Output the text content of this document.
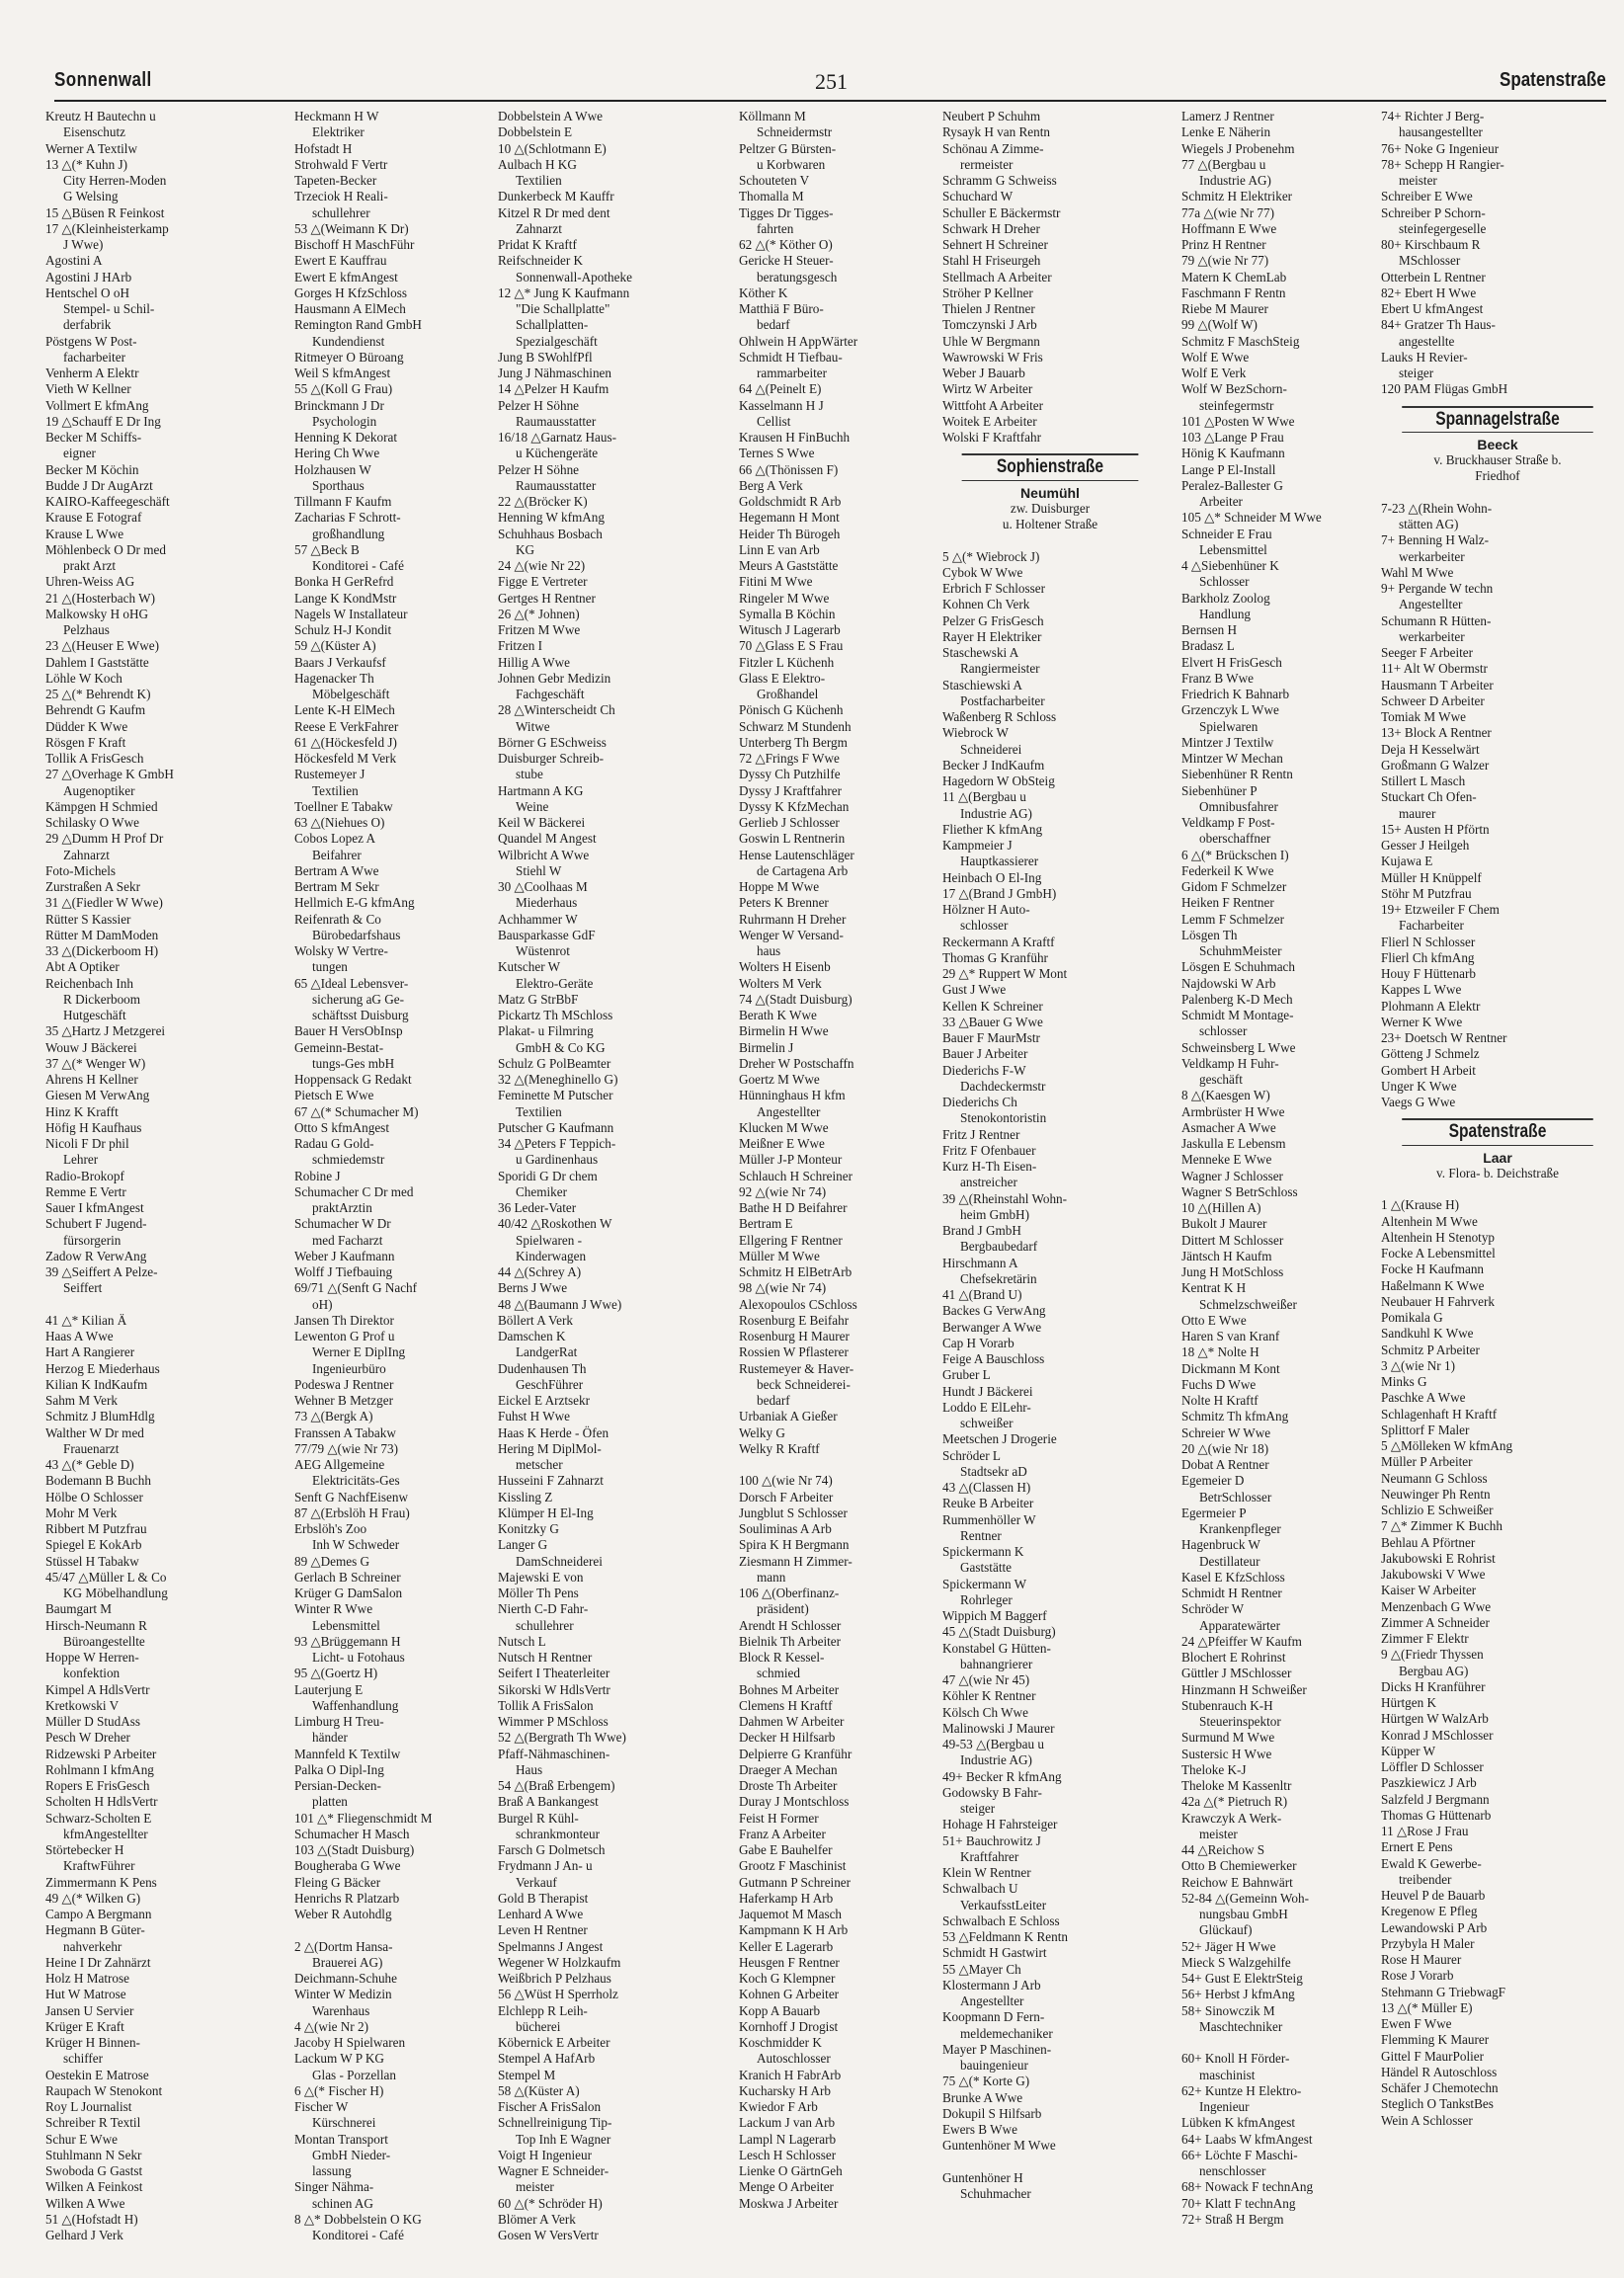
Sonnenwall	251	Spatenstraße
Kreutz H Bautechn u
Eisenschutz
Werner A Textilw
13 △(* Kuhn J)
City Herren-Moden
G Welsing
15 △Büsen R Feinkost
17 △(Kleinheisterkamp
J Wwe)
Agostini A
Agostini J HArb
Hentschel O oH
Stempel- u Schil-
derfabrik
Pöstgens W Post-
facharbeiter
Venherm A Elektr
Vieth W Kellner
Vollmert E kfmAng
19 △Schauff E Dr Ing
Becker M Schiffs-
eigner
Becker M Köchin
Budde J Dr AugArzt
KAIRO-Kaffeegeschäft
Krause E Fotograf
Krause L Wwe
Möhlenbeck O Dr med
prakt Arzt
Uhren-Weiss AG
21 △(Hosterbach W)
Malkowsky H oHG
Pelzhaus
23 △(Heuser E Wwe)
Dahlem I Gaststätte
Löhle W Koch
25 △(* Behrendt K)
Behrendt G Kaufm
Düdder K Wwe
Rösgen F Kraft
Tollik A FrisGesch
27 △Overhage K GmbH
Augenoptiker
Kämpgen H Schmied
Schilasky O Wwe
29 △Dumm H Prof Dr
Zahnarzt
Foto-Michels
Zurstraßen A Sekr
31 △(Fiedler W Wwe)
Rütter S Kassier
Rütter M DamModen
33 △(Dickerboom H)
Abt A Optiker
Reichenbach Inh
R Dickerboom
Hutgeschäft
35 △Hartz J Metzgerei
Wouw J Bäckerei
37 △(* Wenger W)
Ahrens H Kellner
Giesen M VerwAng
Hinz K Krafft
Höfig H Kaufhaus
Nicoli F Dr phil
Lehrer
Radio-Brokopf
Remme E Vertr
Sauer I kfmAngest
Schubert F Jugend-
fürsorgerin
Zadow R VerwAng
39 △Seiffert A Pelze-
Seiffert

41 △* Kilian Ä
Haas A Wwe
Hart A Rangierer
Herzog E Miederhaus
Kilian K IndKaufm
Sahm M Verk
Schmitz J BlumHdlg
Walther W Dr med
Frauenarzt
43 △(* Geble D)
Bodemann B Buchh
Hölbe O Schlosser
Mohr M Verk
Ribbert M Putzfrau
Spiegel E KokArb
Stüssel H Tabakw
45/47 △Müller L & Co
KG Möbelhandlung
Baumgart M
Hirsch-Neumann R
Büroangestellte
Hoppe W Herren-
konfektion
Kimpel A HdlsVertr
Kretkowski V
Müller D StudAss
Pesch W Dreher
Ridzewski P Arbeiter
Rohlmann I kfmAng
Ropers E FrisGesch
Scholten H HdlsVertr
Schwarz-Scholten E
kfmAngestellter
Störtebecker H
KraftwFührer
Zimmermann K Pens
49 △(* Wilken G)
Campo A Bergmann
Hegmann B Güter-
nahverkehr
Heine I Dr Zahnärzt
Holz H Matrose
Hut W Matrose
Jansen U Servier
Krüger E Kraft
Krüger H Binnen-
schiffer
Oestekin E Matrose
Raupach W Stenokont
Roy L Journalist
Schreiber R Textil
Schur E Wwe
Stuhlmann N Sekr
Swoboda G Gastst
Wilken A Feinkost
Wilken A Wwe
51 △(Hofstadt H)
Gelhard J Verk
Heckmann H W
Elektriker
Hofstadt H
Strohwald F Vertr
Tapeten-Becker
Trzeciok H Reali-
schullehrer
53 △(Weimann K Dr)
Bischoff H MaschFühr
Ewert E Kauffrau
Ewert E kfmAngest
Gorges H KfzSchloss
Hausmann A ElMech
Remington Rand GmbH
Kundendienst
Ritmeyer O Büroang
Weil S kfmAngest
55 △(Koll G Frau)
Brinckmann J Dr
Psychologin
Henning K Dekorat
Hering Ch Wwe
Holzhausen W
Sporthaus
Tillmann F Kaufm
Zacharias F Schrott-
großhandlung
57 △Beck B
Konditorei - Café
Bonka H GerRefrd
Lange K KondMstr
Nagels W Installateur
Schulz H-J Kondit
59 △(Küster A)
Baars J Verkaufsf
Hagenacker Th
Möbelgeschäft
Lente K-H ElMech
Reese E VerkFahrer
61 △(Höckesfeld J)
Höckesfeld M Verk
Rustemeyer J
Textilien
Toellner E Tabakw
63 △(Niehues O)
Cobos Lopez A
Beifahrer
Bertram A Wwe
Bertram M Sekr
Hellmich E-G kfmAng
Reifenrath & Co
Bürobedarfshaus
Wolsky W Vertre-
tungen
65 △Ideal Lebensver-
sicherung aG Ge-
schäftsst Duisburg
Bauer H VersObInsp
Gemeinn-Bestat-
tungs-Ges mbH
Hoppensack G Redakt
Pietsch E Wwe
67 △(* Schumacher M)
Otto S kfmAngest
Radau G Gold-
schmiedemstr
Robine J
Schumacher C Dr med
praktArztin
Schumacher W Dr
med Facharzt
Weber J Kaufmann
Wolff J Tiefbauing
69/71 △(Senft G Nachf
oH)
Jansen Th Direktor
Lewenton G Prof u
Werner E DiplIng
Ingenieurbüro
Podeswa J Rentner
Wehner B Metzger
73 △(Bergk A)
Franssen A Tabakw
77/79 △(wie Nr 73)
AEG Allgemeine
Elektricitäts-Ges
Senft G NachfEisenw
87 △(Erbslöh H Frau)
Erbslöh's Zoo
Inh W Schweder
89 △Demes G
Gerlach B Schreiner
Krüger G DamSalon
Winter R Wwe
Lebensmittel
93 △Brüggemann H
Licht- u Fotohaus
95 △(Goertz H)
Lauterjung E
Waffenhandlung
Limburg H Treu-
händer
Mannfeld K Textilw
Palka O Dipl-Ing
Persian-Decken-
platten
101 △* Fliegenschmidt M
Schumacher H Masch
103 △(Stadt Duisburg)
Bougheraba G Wwe
Fleing G Bäcker
Henrichs R Platzarb
Weber R Autohdlg

2 △(Dortm Hansa-
Brauerei AG)
Deichmann-Schuhe
Winter W Medizin
Warenhaus
4 △(wie Nr 2)
Jacoby H Spielwaren
Lackum W P KG
Glas - Porzellan
6 △(* Fischer H)
Fischer W
Kürschnerei
Montan Transport
GmbH Nieder-
lassung
Singer Nähma-
schinen AG
8 △* Dobbelstein O KG
Konditorei - Café
Dobbelstein A Wwe
Dobbelstein E
10 △(Schlotmann E)
Aulbach H KG
Textilien
Dunkerbeck M Kauffr
Kitzel R Dr med dent
Zahnarzt
Pridat K Kraftf
Reifschneider K
Sonnenwall-Apotheke
12 △* Jung K Kaufmann
"Die Schallplatte"
Schallplatten-
Spezialgeschäft
Jung B SWohlfPfl
Jung J Nähmaschinen
14 △Pelzer H Kaufm
Pelzer H Söhne
Raumausstatter
16/18 △Garnatz Haus-
u Küchengeräte
Pelzer H Söhne
Raumausstatter
22 △(Bröcker K)
Henning W kfmAng
Schuhhaus Bosbach
KG
24 △(wie Nr 22)
Figge E Vertreter
Gertges H Rentner
26 △(* Johnen)
Fritzen M Wwe
Fritzen I
Hillig A Wwe
Johnen Gebr Medizin
Fachgeschäft
28 △Winterscheidt Ch
Witwe
Börner G ESchweiss
Duisburger Schreib-
stube
Hartmann A KG
Weine
Keil W Bäckerei
Quandel M Angest
Wilbricht A Wwe
Stiehl W
30 △Coolhaas M
Miederhaus
Achhammer W
Bausparkasse GdF
Wüstenrot
Kutscher W
Elektro-Geräte
Matz G StrBbF
Pickartz Th MSchloss
Plakat- u Filmring
GmbH & Co KG
Schulz G PolBeamter
32 △(Meneghinello G)
Feminette M Putscher
Textilien
Putscher G Kaufmann
34 △Peters F Teppich-
u Gardinenhaus
Sporidi G Dr chem
Chemiker
36 Leder-Vater
40/42 △Roskothen W
Spielwaren -
Kinderwagen
44 △(Schrey A)
Berns J Wwe
48 △(Baumann J Wwe)
Böllert A Verk
Damschen K
LandgerRat
Dudenhausen Th
GeschFührer
Eickel E Arztsekr
Fuhst H Wwe
Haas K Herde - Öfen
Hering M DiplMol-
metscher
Husseini F Zahnarzt
Kissling Z
Klümper H El-Ing
Konitzky G
Langer G
DamSchneiderei
Majewski E von
Möller Th Pens
Nierth C-D Fahr-
schullehrer
Nutsch L
Nutsch H Rentner
Seifert I Theaterleiter
Sikorski W HdlsVertr
Tollik A FrisSalon
Wimmer P MSchloss
52 △(Bergrath Th Wwe)
Pfaff-Nähmaschinen-
Haus
54 △(Braß Erbengem)
Braß A Bankangest
Burgel R Kühl-
schrankmonteur
Farsch G Dolmetsch
Frydmann J An- u
Verkauf
Gold B Therapist
Lenhard A Wwe
Leven H Rentner
Spelmanns J Angest
Wegener W Holzkaufm
Weißbrich P Pelzhaus
56 △Wüst H Sperrholz
Elchlepp R Leih-
bücherei
Köbernick E Arbeiter
Stempel A HafArb
Stempel M
58 △(Küster A)
Fischer A FrisSalon
Schnellreinigung Tip-
Top Inh E Wagner
Voigt H Ingenieur
Wagner E Schneider-
meister
60 △(* Schröder H)
Blömer A Verk
Gosen W VersVertr
Köllmann M
Schneidermstr
Peltzer G Bürsten-
u Korbwaren
Schouteten V
Thomalla M
Tigges Dr Tigges-
fahrten
62 △(* Köther O)
Gericke H Steuer-
beratungsgesch
Köther K
Matthiä F Büro-
bedarf
Ohlwein H AppWärter
Schmidt H Tiefbau-
rammarbeiter
64 △(Peinelt E)
Kasselmann H J
Cellist
Krausen H FinBuchh
Ternes S Wwe
66 △(Thönissen F)
Berg A Verk
Goldschmidt R Arb
Hegemann H Mont
Heider Th Bürogeh
Linn E van Arb
Meurs A Gaststätte
Fitini M Wwe
Ringeler M Wwe
Symalla B Köchin
Witusch J Lagerarb
70 △Glass E S Frau
Fitzler L Küchenh
Glass E Elektro-
Großhandel
Pönisch G Küchenh
Schwarz M Stundenh
Unterberg Th Bergm
72 △Frings F Wwe
Dyssy Ch Putzhilfe
Dyssy J Kraftfahrer
Dyssy K KfzMechan
Gerlieb J Schlosser
Goswin L Rentnerin
Hense Lautenschläger
de Cartagena Arb
Hoppe M Wwe
Peters K Brenner
Ruhrmann H Dreher
Wenger W Versand-
haus
Wolters H Eisenb
Wolters M Verk
74 △(Stadt Duisburg)
Berath K Wwe
Birmelin H Wwe
Birmelin J
Dreher W Postschaffn
Goertz M Wwe
Hünninghaus H kfm
Angestellter
Klucken M Wwe
Meißner E Wwe
Müller J-P Monteur
Schlauch H Schreiner
92 △(wie Nr 74)
Bathe H D Beifahrer
Bertram E
Ellgering F Rentner
Müller M Wwe
Schmitz H ElBetrArb
98 △(wie Nr 74)
Alexopoulos CSchloss
Rosenburg E Beifahr
Rosenburg H Maurer
Rossien W Pflasterer
Rustemeyer & Haver-
beck Schneiderei-
bedarf
Urbaniak A Gießer
Welky G
Welky R Kraftf

100 △(wie Nr 74)
Dorsch F Arbeiter
Jungblut S Schlosser
Souliminas A Arb
Spira K H Bergmann
Ziesmann H Zimmer-
mann
106 △(Oberfinanz-
präsident)
Arendt H Schlosser
Bielnik Th Arbeiter
Block R Kessel-
schmied
Bohnes M Arbeiter
Clemens H Kraftf
Dahmen W Arbeiter
Decker H Hilfsarb
Delpierre G Kranführ
Draeger A Mechan
Droste Th Arbeiter
Duray J Montschloss
Feist H Former
Franz A Arbeiter
Gabe E Bauhelfer
Grootz F Maschinist
Gutmann P Schreiner
Haferkamp H Arb
Jaquemot M Masch
Kampmann K H Arb
Keller E Lagerarb
Heusgen F Rentner
Koch G Klempner
Kohnen G Arbeiter
Kopp A Bauarb
Kornhoff J Drogist
Koschmidder K
Autoschlosser
Kranich H FabrArb
Kucharsky H Arb
Kwiedor F Arb
Lackum J van Arb
Lampl N Lagerarb
Lesch H Schlosser
Lienke O GärtnGeh
Menge O Arbeiter
Moskwa J Arbeiter
Neubert P Schuhm
Rysayk H van Rentn
Schönau A Zimme-
rermeister
Schramm G Schweiss
Schuchard W
Schuller E Bäckermstr
Schwark H Dreher
Sehnert H Schreiner
Stahl H Friseurgeh
Stellmach A Arbeiter
Ströher P Kellner
Thielen J Rentner
Tomczynski J Arb
Uhle W Bergmann
Wawrowski W Fris
Weber J Bauarb
Wirtz W Arbeiter
Wittfoht A Arbeiter
Woitek E Arbeiter
Wolski F Kraftfahr
Sophienstraße
Neumühl
zw. Duisburger
u. Holtener Straße

5 △(* Wiebrock J)
Cybok W Wwe
Erbrich F Schlosser
Kohnen Ch Verk
Pelzer G FrisGesch
Rayer H Elektriker
Staschewski A
Rangiermeister
Staschiewski A
Postfacharbeiter
Waßenberg R Schloss
Wiebrock W
Schneiderei
Becker J IndKaufm
Hagedorn W ObSteig
11 △(Bergbau u
Industrie AG)
Fliether K kfmAng
Kampmeier J
Hauptkassierer
Heinbach O El-Ing
17 △(Brand J GmbH)
Hölzner H Auto-
schlosser
Reckermann A Kraftf
Thomas G Kranführ
29 △* Ruppert W Mont
Gust J Wwe
Kellen K Schreiner
33 △Bauer G Wwe
Bauer F MaurMstr
Bauer J Arbeiter
Diederichs F-W
Dachdeckermstr
Diederichs Ch
Stenokontoristin
Fritz J Rentner
Fritz F Ofenbauer
Kurz H-Th Eisen-
anstreicher
39 △(Rheinstahl Wohn-
heim GmbH)
Brand J GmbH
Bergbaubedarf
Hirschmann A
Chefsekretärin
41 △(Brand U)
Backes G VerwAng
Berwanger A Wwe
Cap H Vorarb
Feige A Bauschloss
Gruber L
Hundt J Bäckerei
Loddo E ElLehr-
schweißer
Meetschen J Drogerie
Schröder L
Stadtsekr aD
43 △(Classen H)
Reuke B Arbeiter
Rummenhöller W
Rentner
Spickermann K
Gaststätte
Spickermann W
Rohrleger
Wippich M Baggerf
45 △(Stadt Duisburg)
Konstabel G Hütten-
bahnangrierer
47 △(wie Nr 45)
Köhler K Rentner
Kölsch Ch Wwe
Malinowski J Maurer
49-53 △(Bergbau u
Industrie AG)
49+ Becker R kfmAng
Godowsky B Fahr-
steiger
Hohage H Fahrsteiger
51+ Bauchrowitz J
Kraftfahrer
Klein W Rentner
Schwalbach U
VerkaufsstLeiter
Schwalbach E Schloss
53 △Feldmann K Rentn
Schmidt H Gastwirt
55 △Mayer Ch
Klostermann J Arb
Angestellter
Koopmann D Fern-
meldemechaniker
Mayer P Maschinen-
bauingenieur
75 △(* Korte G)
Brunke A Wwe
Dokupil S Hilfsarb
Ewers B Wwe
Guntenhöner M Wwe

Guntenhöner H
Schuhmacher
Lamerz J Rentner
Lenke E Näherin
Wiegels J Probenehm
77 △(Bergbau u
Industrie AG)
Schmitz H Elektriker
77a △(wie Nr 77)
Hoffmann E Wwe
Prinz H Rentner
79 △(wie Nr 77)
Matern K ChemLab
Faschmann F Rentn
Riebe M Maurer
99 △(Wolf W)
Schmitz F MaschSteig
Wolf E Wwe
Wolf E Verk
Wolf W BezSchorn-
steinfegermstr
101 △Posten W Wwe
103 △Lange P Frau
Hönig K Kaufmann
Lange P El-Install
Peralez-Ballester G
Arbeiter
105 △* Schneider M Wwe
Schneider E Frau
Lebensmittel
4 △Siebenhüner K
Schlosser
Barkholz Zoolog
Handlung
Bernsen H
Bradasz L
Elvert H FrisGesch
Franz B Wwe
Friedrich K Bahnarb
Grzenczyk L Wwe
Spielwaren
Mintzer J Textilw
Mintzer W Mechan
Siebenhüner R Rentn
Siebenhüner P
Omnibusfahrer
Veldkamp F Post-
oberschaffner
6 △(* Brückschen I)
Federkeil K Wwe
Gidom F Schmelzer
Heiken F Rentner
Lemm F Schmelzer
Lösgen Th
SchuhmMeister
Lösgen E Schuhmach
Najdowski W Arb
Palenberg K-D Mech
Schmidt M Montage-
schlosser
Schweinsberg L Wwe
Veldkamp H Fuhr-
geschäft
8 △(Kaesgen W)
Armbrüster H Wwe
Asmacher A Wwe
Jaskulla E Lebensm
Menneke E Wwe
Wagner J Schlosser
Wagner S BetrSchloss
10 △(Hillen A)
Bukolt J Maurer
Dittert M Schlosser
Jäntsch H Kaufm
Jung H MotSchloss
Kentrat K H
Schmelzschweißer
Otto E Wwe
Haren S van Kranf
18 △* Nolte H
Dickmann M Kont
Fuchs D Wwe
Nolte H Kraftf
Schmitz Th kfmAng
Schreier W Wwe
20 △(wie Nr 18)
Dobat A Rentner
Egemeier D
BetrSchlosser
Egermeier P
Krankenpfleger
Hagenbruck W
Destillateur
Kasel E KfzSchloss
Schmidt H Rentner
Schröder W
Apparatewärter
24 △Pfeiffer W Kaufm
Blochert E Rohrinst
Güttler J MSchlosser
Hinzmann H Schweißer
Stubenrauch K-H
Steuerinspektor
Surmund M Wwe
Sustersic H Wwe
Theloke K-J
Theloke M Kassenltr
42a △(* Pietruch R)
Krawczyk A Werk-
meister
44 △Reichow S
Otto B Chemiewerker
Reichow E Bahnwärt
52-84 △(Gemeinn Woh-
nungsbau GmbH
Glückauf)
52+ Jäger H Wwe
Mieck S Walzgehilfe
54+ Gust E ElektrSteig
56+ Herbst J kfmAng
58+ Sinowczik M
Maschtechniker

60+ Knoll H Förder-
maschinist
62+ Kuntze H Elektro-
Ingenieur
Lübken K kfmAngest
64+ Laabs W kfmAngest
66+ Löchte F Maschi-
nenschlosser
68+ Nowack F technAng
70+ Klatt F technAng
72+ Straß H Bergm
74+ Richter J Berg-
hausangestellter
76+ Noke G Ingenieur
78+ Schepp H Rangier-
meister
Schreiber E Wwe
Schreiber P Schorn-
steinfegergeselle
80+ Kirschbaum R
MSchlosser
Otterbein L Rentner
82+ Ebert H Wwe
Ebert U kfmAngest
84+ Gratzer Th Haus-
angestellte
Lauks H Revier-
steiger
120 PAM Flügas GmbH
Spannagelstraße
Beeck
v. Bruckhauser Straße b.
Friedhof

7-23 △(Rhein Wohn-
stätten AG)
7+ Benning H Walz-
werkarbeiter
Wahl M Wwe
9+ Pergande W techn
Angestellter
Schumann R Hütten-
werkarbeiter
Seeger F Arbeiter
11+ Alt W Obermstr
Hausmann T Arbeiter
Schweer D Arbeiter
Tomiak M Wwe
13+ Block A Rentner
Deja H Kesselwärt
Großmann G Walzer
Stillert L Masch
Stuckart Ch Ofen-
maurer
15+ Austen H Pförtn
Gesser J Heilgeh
Kujawa E
Müller H Knüppelf
Stöhr M Putzfrau
19+ Etzweiler F Chem
Facharbeiter
Flierl N Schlosser
Flierl Ch kfmAng
Houy F Hüttenarb
Kappes L Wwe
Plohmann A Elektr
Werner K Wwe
23+ Doetsch W Rentner
Götteng J Schmelz
Gombert H Arbeit
Unger K Wwe
Vaegs G Wwe
Spatenstraße
Laar
v. Flora- b. Deichstraße

1 △(Krause H)
Altenhein M Wwe
Altenhein H Stenotyp
Focke A Lebensmittel
Focke H Kaufmann
Haßelmann K Wwe
Neubauer H Fahrverk
Pomikala G
Sandkuhl K Wwe
Schmitz P Arbeiter
3 △(wie Nr 1)
Minks G
Paschke A Wwe
Schlagenhaft H Kraftf
Splittorf F Maler
5 △Mölleken W kfmAng
Müller P Arbeiter
Neumann G Schloss
Neuwinger Ph Rentn
Schlizio E Schweißer
7 △* Zimmer K Buchh
Behlau A Pförtner
Jakubowski E Rohrist
Jakubowski V Wwe
Kaiser W Arbeiter
Menzenbach G Wwe
Zimmer A Schneider
Zimmer F Elektr
9 △(Friedr Thyssen
Bergbau AG)
Dicks H Kranführer
Hürtgen K
Hürtgen W WalzArb
Konrad J MSchlosser
Küpper W
Löffler D Schlosser
Paszkiewicz J Arb
Salzfeld J Bergmann
Thomas G Hüttenarb
11 △Rose J Frau
Ernert E Pens
Ewald K Gewerbe-
treibender
Heuvel P de Bauarb
Kregenow E Pfleg
Lewandowski P Arb
Przybyla H Maler
Rose H Maurer
Rose J Vorarb
Stehmann G TriebwagF
13 △(* Müller E)
Ewen F Wwe
Flemming K Maurer
Gittel F MaurPolier
Händel R Autoschloss
Schäfer J Chemotechn
Steglich O TankstBes
Wein A Schlosser
